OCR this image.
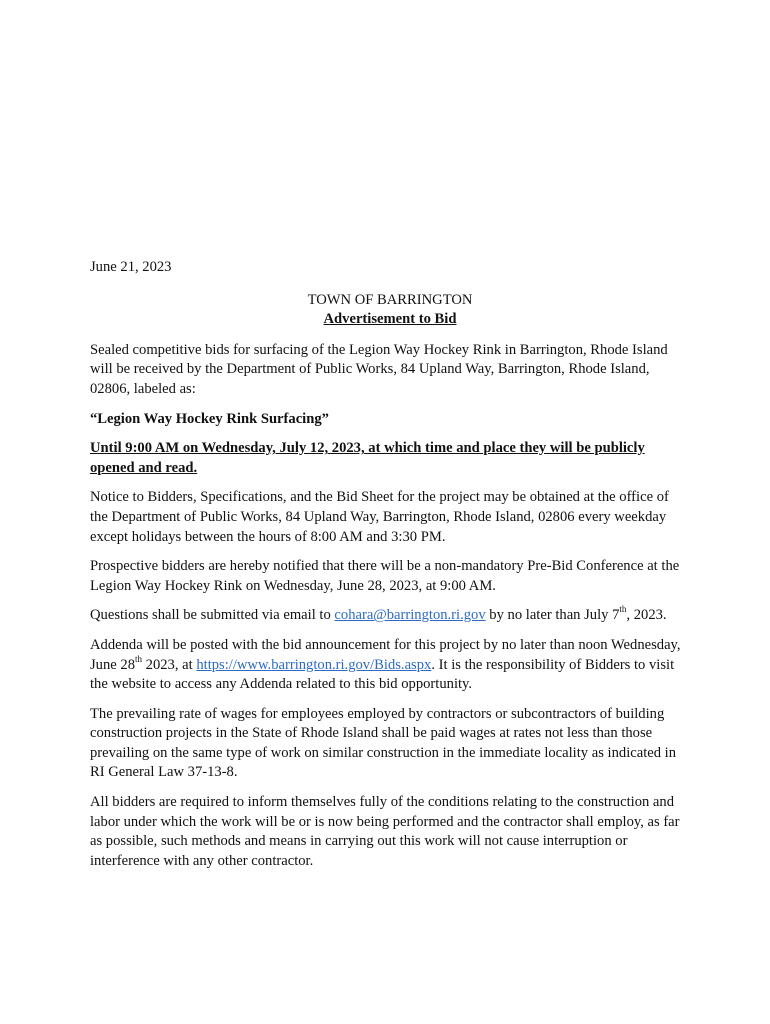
June 21, 2023
TOWN OF BARRINGTON
Advertisement to Bid

Sealed competitive bids for surfacing of the Legion Way Hockey Rink in Barrington, Rhode Island will be received by the Department of Public Works, 84 Upland Way, Barrington, Rhode Island, 02806, labeled as:

“Legion Way Hockey Rink Surfacing”

Until 9:00 AM on Wednesday, July 12, 2023, at which time and place they will be publicly opened and read.

Notice to Bidders, Specifications, and the Bid Sheet for the project may be obtained at the office of the Department of Public Works, 84 Upland Way, Barrington, Rhode Island, 02806 every weekday except holidays between the hours of 8:00 AM and 3:30 PM.

Prospective bidders are hereby notified that there will be a non-mandatory Pre-Bid Conference at the Legion Way Hockey Rink on Wednesday, June 28, 2023, at 9:00 AM.

Questions shall be submitted via email to cohara@barrington.ri.gov by no later than July 7th, 2023.

Addenda will be posted with the bid announcement for this project by no later than noon Wednesday, June 28th 2023, at https://www.barrington.ri.gov/Bids.aspx. It is the responsibility of Bidders to visit the website to access any Addenda related to this bid opportunity.

The prevailing rate of wages for employees employed by contractors or subcontractors of building construction projects in the State of Rhode Island shall be paid wages at rates not less than those prevailing on the same type of work on similar construction in the immediate locality as indicated in RI General Law 37-13-8.

All bidders are required to inform themselves fully of the conditions relating to the construction and labor under which the work will be or is now being performed and the contractor shall employ, as far as possible, such methods and means in carrying out this work will not cause interruption or interference with any other contractor.
